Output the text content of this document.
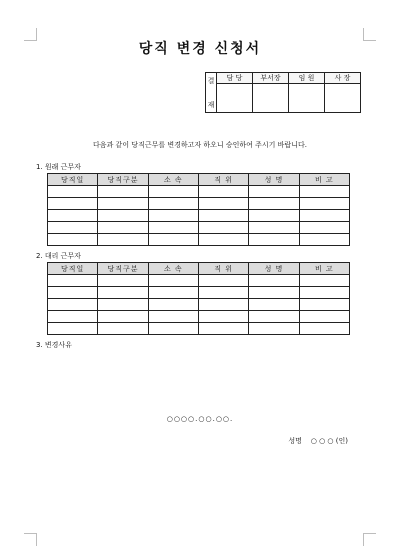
당직 변경 신청서
결
재	담 당	부서장	임 원	사 장

다음과 같이 당직근무를 변경하고자 하오니 승인하여 주시기 바랍니다.
1. 원래 근무자
당직일	당직구분	소 속	직 위	성 명	비 고

2. 대리 근무자
당직일	당직구분	소 속	직 위	성 명	비 고

3. 변경사유
○○○○.○○.○○.
성명 ○ ○ ○ (인)
